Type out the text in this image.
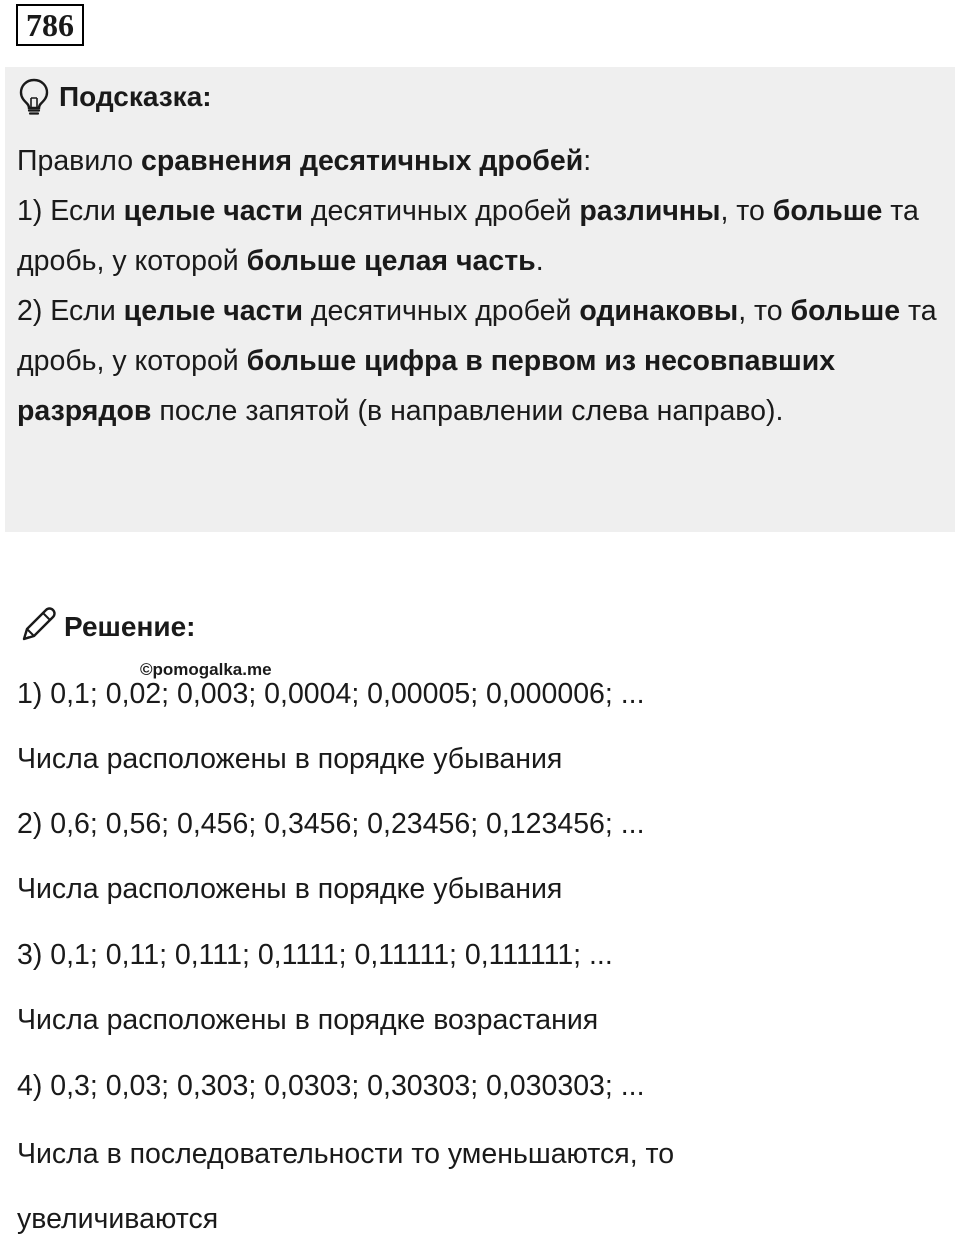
786
Подсказка:

Правило сравнения десятичных дробей:

1) Если целые части десятичных дробей различны, то больше та дробь, у которой больше целая часть.

2) Если целые части десятичных дробей одинаковы, то больше та дробь, у которой больше цифра в первом из несовпавших разрядов после запятой (в направлении слева направо).

Решение:
©pomogalka.me
1) 0,1; 0,02; 0,003; 0,0004; 0,00005; 0,000006; ...
Числа расположены в порядке убывания
2) 0,6; 0,56; 0,456; 0,3456; 0,23456; 0,123456; ...
Числа расположены в порядке убывания
3) 0,1; 0,11; 0,111; 0,1111; 0,11111; 0,111111; ...
Числа расположены в порядке возрастания
4) 0,3; 0,03; 0,303; 0,0303; 0,30303; 0,030303; ...
Числа в последовательности то уменьшаются, то
увеличиваются
